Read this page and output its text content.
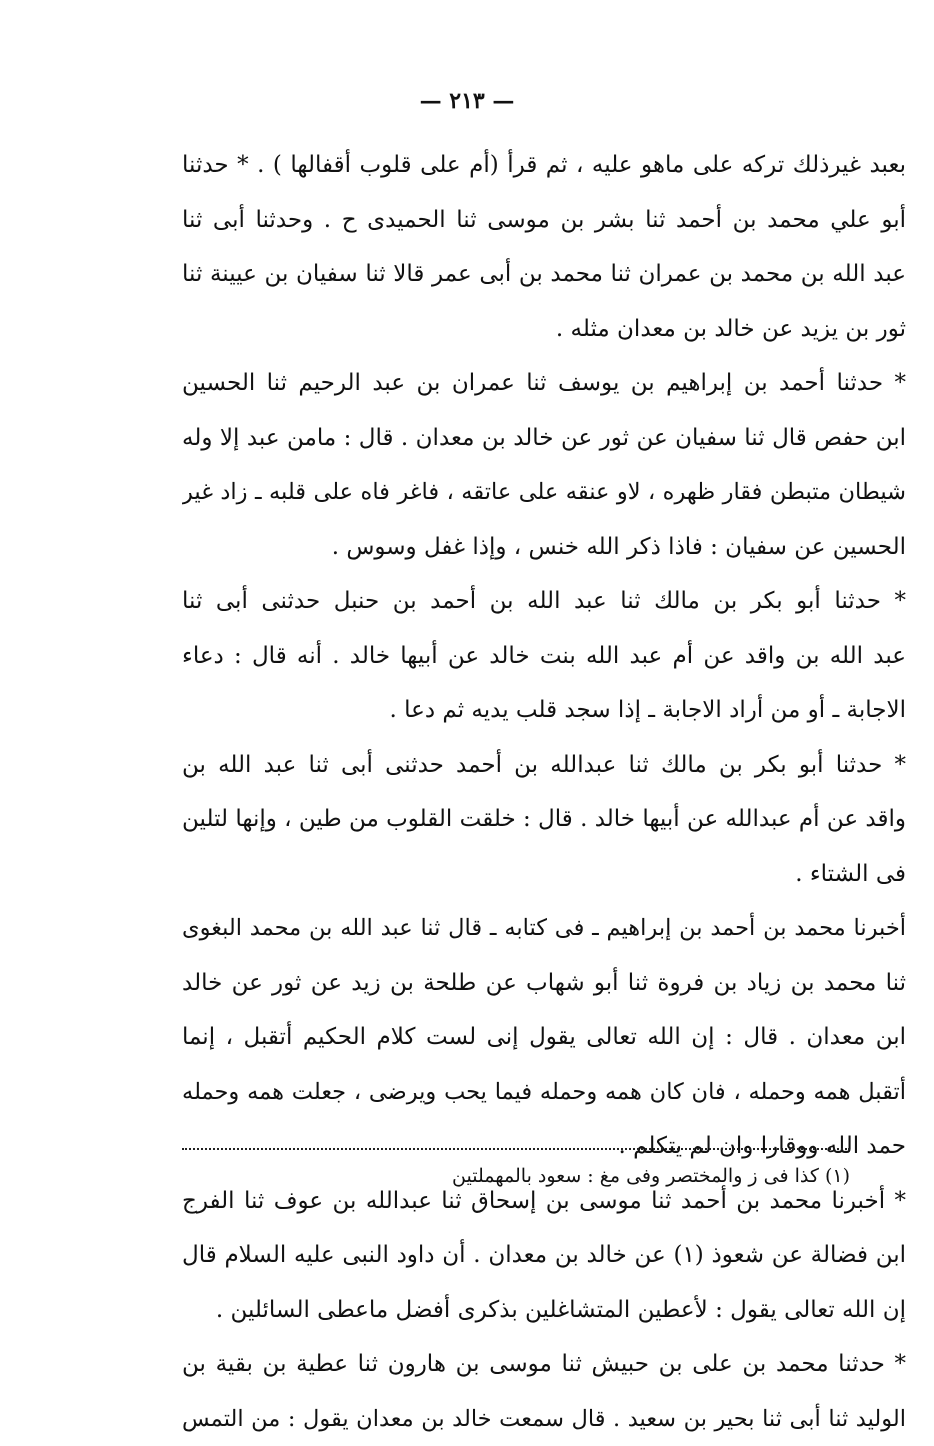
— ٢١٣ —
بعبد غيرذلك تركه على ماهو عليه ، ثم قرأ (أم على قلوب أقفالها ) . * حدثنا
أبو علي محمد بن أحمد ثنا بشر بن موسى ثنا الحميدى ح . وحدثنا أبى ثنا
عبد الله بن محمد بن عمران ثنا محمد بن أبى عمر قالا ثنا سفيان بن عيينة ثنا
ثور بن يزيد عن خالد بن معدان مثله .
* حدثنا أحمد بن إبراهيم بن يوسف ثنا عمران بن عبد الرحيم ثنا الحسين
ابن حفص قال ثنا سفيان عن ثور عن خالد بن معدان . قال : مامن عبد إلا وله
شيطان متبطن فقار ظهره ، لاو عنقه على عاتقه ، فاغر فاه على قلبه ـ زاد غير
الحسين عن سفيان : فاذا ذكر الله خنس ، وإذا غفل وسوس .
* حدثنا أبو بكر بن مالك ثنا عبد الله بن أحمد بن حنبل حدثنى أبى ثنا
عبد الله بن واقد عن أم عبد الله بنت خالد عن أبيها خالد . أنه قال : دعاء
الاجابة ـ أو من أراد الاجابة ـ إذا سجد قلب يديه ثم دعا .
* حدثنا أبو بكر بن مالك ثنا عبدالله بن أحمد حدثنى أبى ثنا عبد الله بن
واقد عن أم عبدالله عن أبيها خالد . قال : خلقت القلوب من طين ، وإنها لتلين
فى الشتاء .
أخبرنا محمد بن أحمد بن إبراهيم ـ فى كتابه ـ قال ثنا عبد الله بن محمد البغوى
ثنا محمد بن زياد بن فروة ثنا أبو شهاب عن طلحة بن زيد عن ثور عن خالد
ابن معدان . قال : إن الله تعالى يقول إنى لست كلام الحكيم أتقبل ، إنما
أتقبل همه وحمله ، فان كان همه وحمله فيما يحب ويرضى ، جعلت همه وحمله
حمد الله ووقارا وان لم يتكلم .
* أخبرنا محمد بن أحمد ثنا موسى بن إسحاق ثنا عبدالله بن عوف ثنا الفرج
ابن فضالة عن شعوذ (١) عن خالد بن معدان . أن داود النبى عليه السلام قال
إن الله تعالى يقول : لأعطين المتشاغلين بذكرى أفضل ماعطى السائلين .
* حدثنا محمد بن على بن حبيش ثنا موسى بن هارون ثنا عطية بن بقية بن
الوليد ثنا أبى ثنا بحير بن سعيد . قال سمعت خالد بن معدان يقول : من التمس
(١) كذا فى ز والمختصر وفى مغ : سعود بالمهملتين
